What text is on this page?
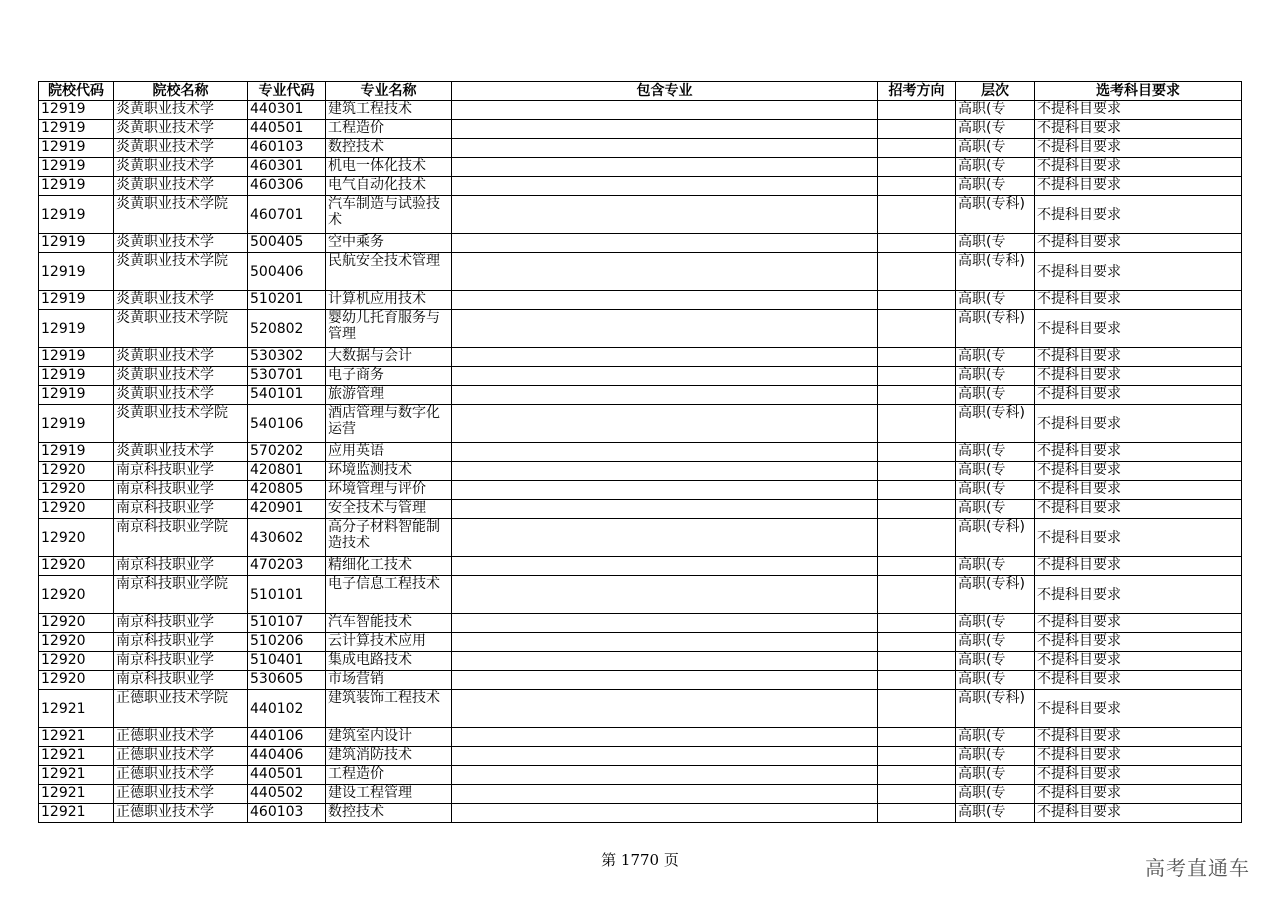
院校代码	院校名称	专业代码	专业名称	包含专业	招考方向	层次	选考科目要求

12919	炎黄职业技术学	440301	建筑工程技术			高职(专	不提科目要求

12919	炎黄职业技术学	440501	工程造价			高职(专	不提科目要求

12919	炎黄职业技术学	460103	数控技术			高职(专	不提科目要求

12919	炎黄职业技术学	460301	机电一体化技术			高职(专	不提科目要求

12919	炎黄职业技术学	460306	电气自动化技术			高职(专	不提科目要求

12919	炎黄职业技术学院	460701	汽车制造与试验技术			高职(专科)	不提科目要求

12919	炎黄职业技术学	500405	空中乘务			高职(专	不提科目要求

12919	炎黄职业技术学院	500406	民航安全技术管理			高职(专科)	不提科目要求

12919	炎黄职业技术学	510201	计算机应用技术			高职(专	不提科目要求

12919	炎黄职业技术学院	520802	婴幼儿托育服务与管理			高职(专科)	不提科目要求

12919	炎黄职业技术学	530302	大数据与会计			高职(专	不提科目要求

12919	炎黄职业技术学	530701	电子商务			高职(专	不提科目要求

12919	炎黄职业技术学	540101	旅游管理			高职(专	不提科目要求

12919	炎黄职业技术学院	540106	酒店管理与数字化运营			高职(专科)	不提科目要求

12919	炎黄职业技术学	570202	应用英语			高职(专	不提科目要求

12920	南京科技职业学	420801	环境监测技术			高职(专	不提科目要求

12920	南京科技职业学	420805	环境管理与评价			高职(专	不提科目要求

12920	南京科技职业学	420901	安全技术与管理			高职(专	不提科目要求

12920	南京科技职业学院	430602	高分子材料智能制造技术			高职(专科)	不提科目要求

12920	南京科技职业学	470203	精细化工技术			高职(专	不提科目要求

12920	南京科技职业学院	510101	电子信息工程技术			高职(专科)	不提科目要求

12920	南京科技职业学	510107	汽车智能技术			高职(专	不提科目要求

12920	南京科技职业学	510206	云计算技术应用			高职(专	不提科目要求

12920	南京科技职业学	510401	集成电路技术			高职(专	不提科目要求

12920	南京科技职业学	530605	市场营销			高职(专	不提科目要求

12921	正德职业技术学院	440102	建筑装饰工程技术			高职(专科)	不提科目要求

12921	正德职业技术学	440106	建筑室内设计			高职(专	不提科目要求

12921	正德职业技术学	440406	建筑消防技术			高职(专	不提科目要求

12921	正德职业技术学	440501	工程造价			高职(专	不提科目要求

12921	正德职业技术学	440502	建设工程管理			高职(专	不提科目要求

12921	正德职业技术学	460103	数控技术			高职(专	不提科目要求
第 1770 页	高考直通车
